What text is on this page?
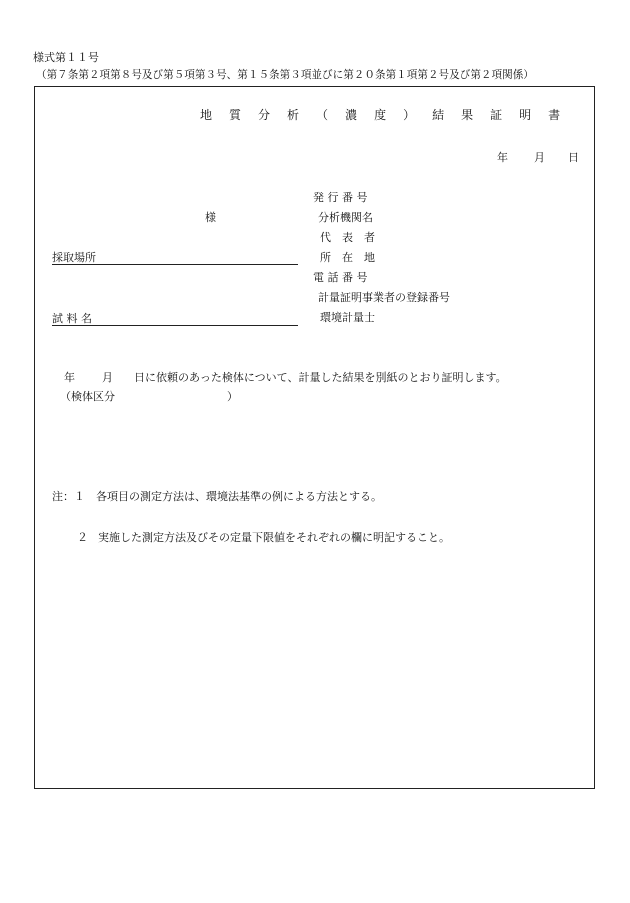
様式第１１号
（第７条第２項第８号及び第５項第３号、第１５条第３項並びに第２０条第１項第２号及び第２項関係）
地 質 分 析 （ 濃 度 ） 結 果 証 明 書
年 月 日
様
採取場所
試 料 名
発 行 番 号
分析機関名
代　表　者
所　在　地
電 話 番 号
計量証明事業者の登録番号
環境計量士
年 月 日に依頼のあった検体について、計量した結果を別紙のとおり証明します。
（検体区分	）
注：１　各項目の測定方法は、環境法基準の例による方法とする。
２ 実施した測定方法及びその定量下限値をそれぞれの欄に明記すること。
